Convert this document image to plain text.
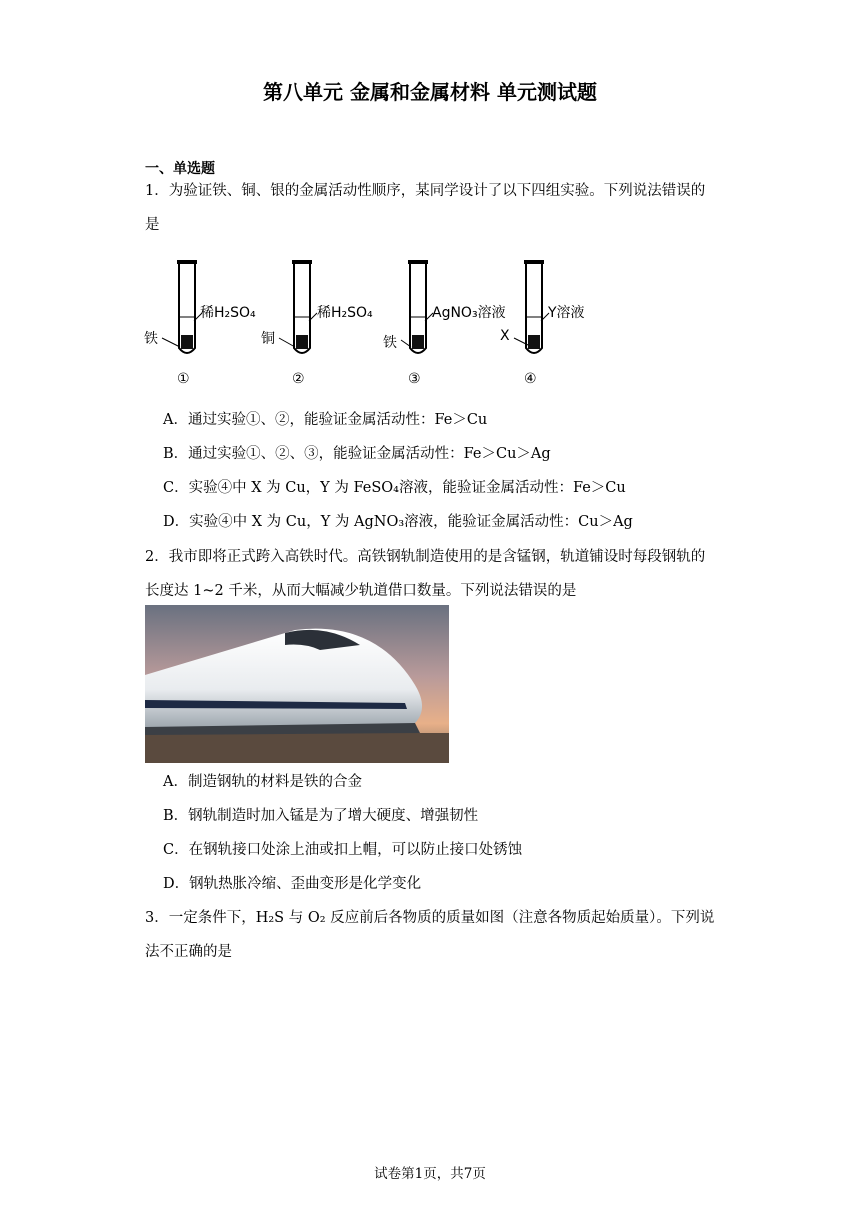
第八单元 金属和金属材料 单元测试题
一、单选题
1．为验证铁、铜、银的金属活动性顺序，某同学设计了以下四组实验。下列说法错误的是
稀H₂SO₄
铁
①
稀H₂SO₄
铜
②
AgNO₃溶液
铁
③
Y溶液
X
④
A．通过实验①、②，能验证金属活动性：Fe＞Cu
B．通过实验①、②、③，能验证金属活动性：Fe＞Cu＞Ag
C．实验④中 X 为 Cu，Y 为 FeSO₄溶液，能验证金属活动性：Fe＞Cu
D．实验④中 X 为 Cu，Y 为 AgNO₃溶液，能验证金属活动性：Cu＞Ag
2．我市即将正式跨入高铁时代。高铁钢轨制造使用的是含锰钢，轨道铺设时每段钢轨的长度达 1~2 千米，从而大幅减少轨道借口数量。下列说法错误的是
A．制造钢轨的材料是铁的合金
B．钢轨制造时加入锰是为了增大硬度、增强韧性
C．在钢轨接口处涂上油或扣上帽，可以防止接口处锈蚀
D．钢轨热胀冷缩、歪曲变形是化学变化
3．一定条件下，H₂S 与 O₂ 反应前后各物质的质量如图（注意各物质起始质量）。下列说法不正确的是
试卷第1页，共7页
